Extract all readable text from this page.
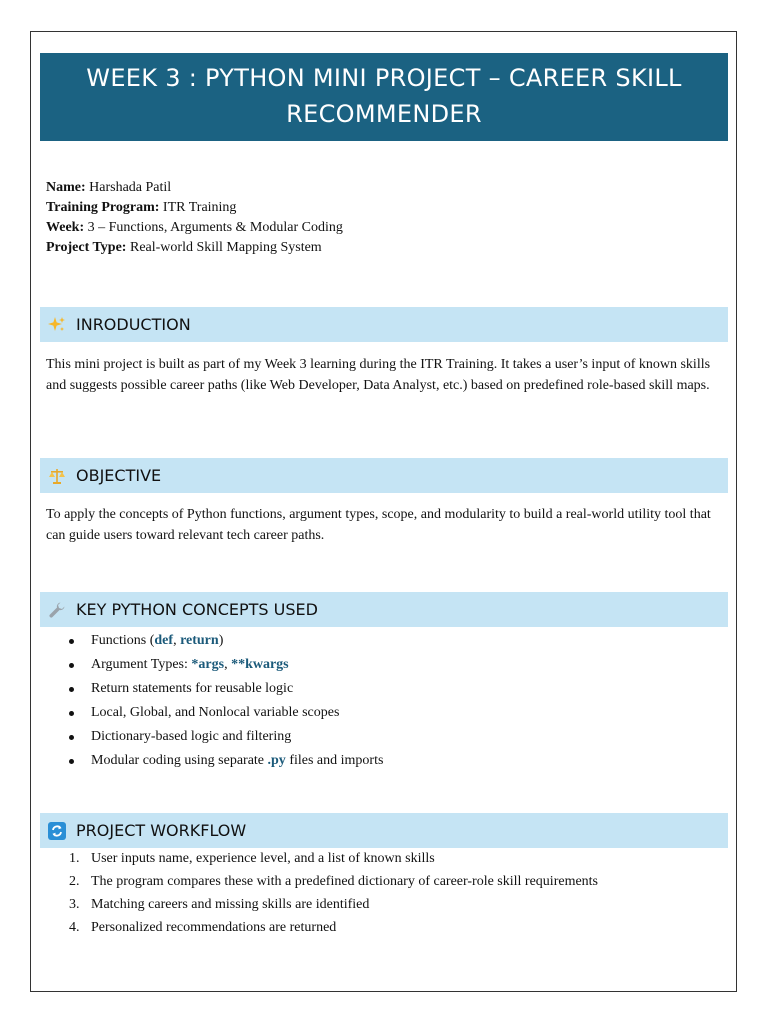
WEEK 3 : PYTHON MINI PROJECT – CAREER SKILL
RECOMMENDER
Name: Harshada Patil
Training Program: ITR Training
Week: 3 – Functions, Arguments & Modular Coding
Project Type: Real-world Skill Mapping System
INRODUCTION
This mini project is built as part of my Week 3 learning during the ITR Training. It takes a user’s input of known skills and suggests possible career paths (like Web Developer, Data Analyst, etc.) based on predefined role-based skill maps.
OBJECTIVE
To apply the concepts of Python functions, argument types, scope, and modularity to build a real-world utility tool that can guide users toward relevant tech career paths.
KEY PYTHON CONCEPTS USED
Functions (def, return)
Argument Types: *args, **kwargs
Return statements for reusable logic
Local, Global, and Nonlocal variable scopes
Dictionary-based logic and filtering
Modular coding using separate .py files and imports
PROJECT WORKFLOW
1. User inputs name, experience level, and a list of known skills
2. The program compares these with a predefined dictionary of career-role skill requirements
3. Matching careers and missing skills are identified
4. Personalized recommendations are returned
